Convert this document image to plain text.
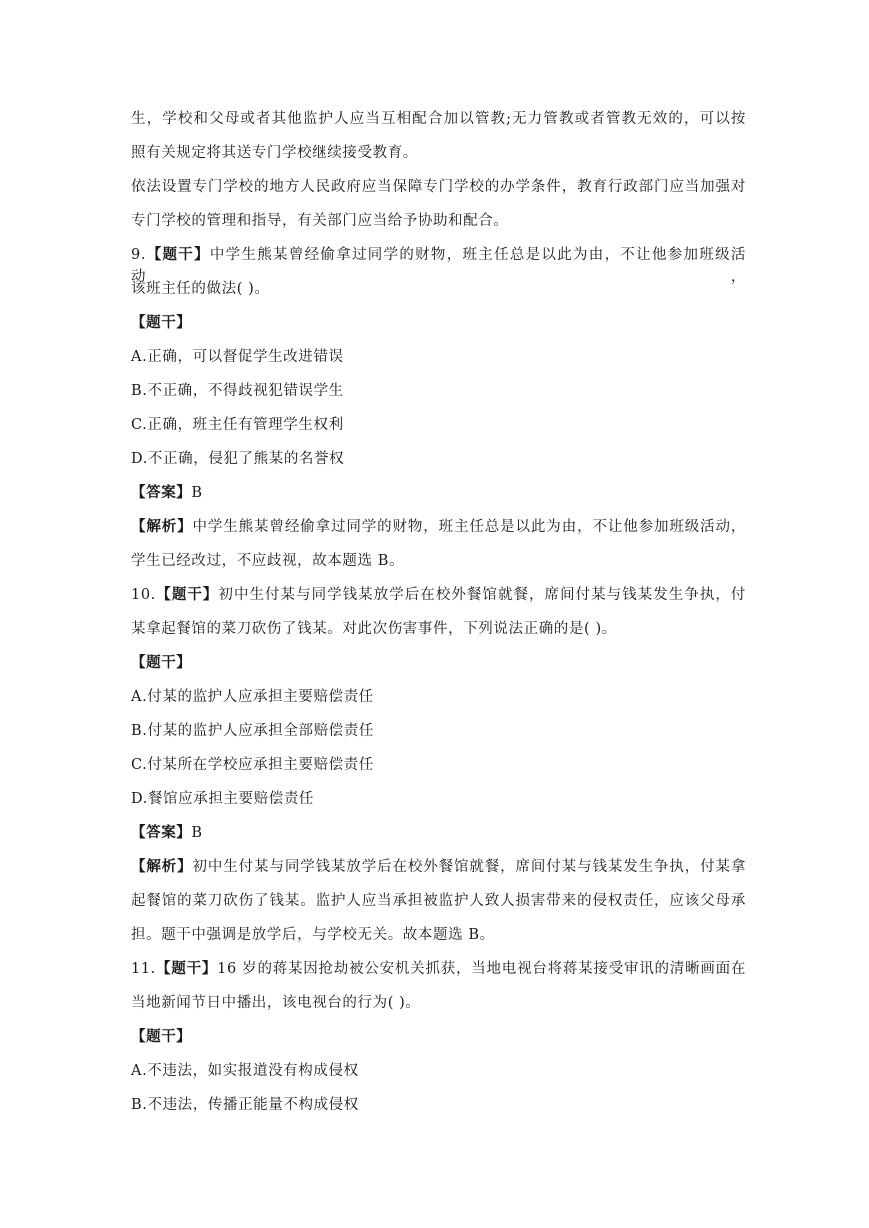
生，学校和父母或者其他监护人应当互相配合加以管教;无力管教或者管教无效的，可以按
照有关规定将其送专门学校继续接受教育。
依法设置专门学校的地方人民政府应当保障专门学校的办学条件，教育行政部门应当加强对
专门学校的管理和指导，有关部门应当给予协助和配合。
9.【题干】中学生熊某曾经偷拿过同学的财物，班主任总是以此为由，不让他参加班级活动，
该班主任的做法( )。
【题干】
A.正确，可以督促学生改进错误
B.不正确，不得歧视犯错误学生
C.正确，班主任有管理学生权利
D.不正确，侵犯了熊某的名誉权
【答案】B
【解析】中学生熊某曾经偷拿过同学的财物，班主任总是以此为由，不让他参加班级活动，
学生已经改过，不应歧视，故本题选 B。
10.【题干】初中生付某与同学钱某放学后在校外餐馆就餐，席间付某与钱某发生争执，付
某拿起餐馆的菜刀砍伤了钱某。对此次伤害事件，下列说法正确的是( )。
【题干】
A.付某的监护人应承担主要赔偿责任
B.付某的监护人应承担全部赔偿责任
C.付某所在学校应承担主要赔偿责任
D.餐馆应承担主要赔偿责任
【答案】B
【解析】初中生付某与同学钱某放学后在校外餐馆就餐，席间付某与钱某发生争执，付某拿
起餐馆的菜刀砍伤了钱某。监护人应当承担被监护人致人损害带来的侵权责任，应该父母承
担。题干中强调是放学后，与学校无关。故本题选 B。
11.【题干】16 岁的蒋某因抢劫被公安机关抓获，当地电视台将蒋某接受审讯的清晰画面在
当地新闻节日中播出，该电视台的行为( )。
【题干】
A.不违法，如实报道没有构成侵权
B.不违法，传播正能量不构成侵权
